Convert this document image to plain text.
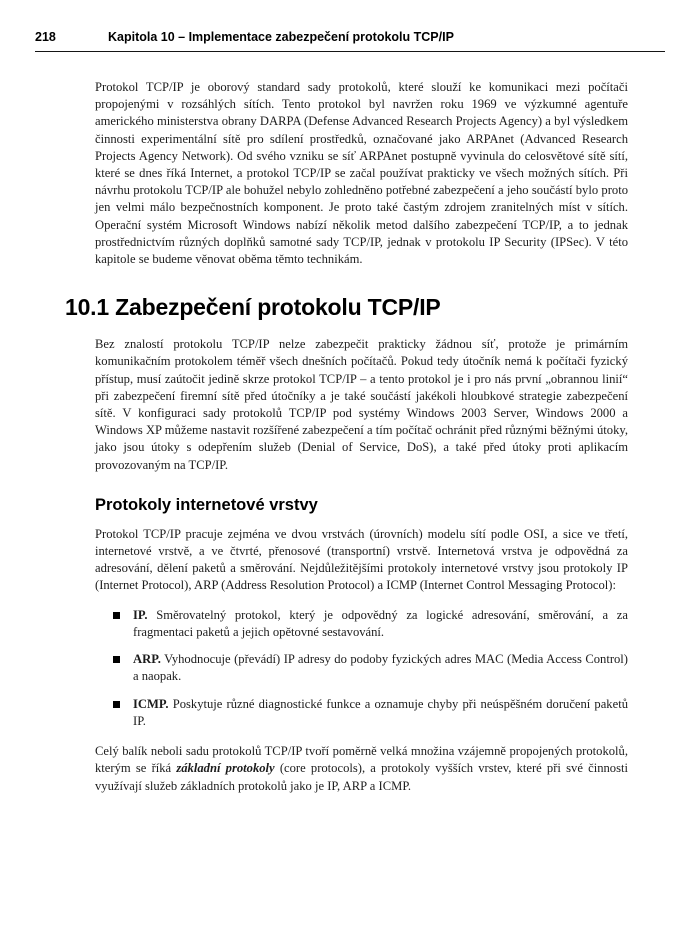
218	Kapitola 10 – Implementace zabezpečení protokolu TCP/IP

Protokol TCP/IP je oborový standard sady protokolů, které slouží ke komunikaci mezi počítači propojenými v rozsáhlých sítích. Tento protokol byl navržen roku 1969 ve výzkumné agentuře amerického ministerstva obrany DARPA (Defense Advanced Research Projects Agency) a byl výsledkem činnosti experimentální sítě pro sdílení prostředků, označované jako ARPAnet (Advanced Research Projects Agency Network). Od svého vzniku se síť ARPAnet postupně vyvinula do celosvětové sítě sítí, které se dnes říká Internet, a protokol TCP/IP se začal používat prakticky ve všech možných sítích. Při návrhu protokolu TCP/IP ale bohužel nebylo zohledněno potřebné zabezpečení a jeho součástí bylo proto jen velmi málo bezpečnostních komponent. Je proto také častým zdrojem zranitelných míst v sítích. Operační systém Microsoft Windows nabízí několik metod dalšího zabezpečení TCP/IP, a to jednak prostřednictvím různých doplňků samotné sady TCP/IP, jednak v protokolu IP Security (IPSec). V této kapitole se budeme věnovat oběma těmto technikám.

10.1 Zabezpečení protokolu TCP/IP

Bez znalostí protokolu TCP/IP nelze zabezpečit prakticky žádnou síť, protože je primárním komunikačním protokolem téměř všech dnešních počítačů. Pokud tedy útočník nemá k počítači fyzický přístup, musí zaútočit jedině skrze protokol TCP/IP – a tento protokol je i pro nás první „obrannou linií“ při zabezpečení firemní sítě před útočníky a je také součástí jakékoli hloubkové strategie zabezpečení sítě. V konfiguraci sady protokolů TCP/IP pod systémy Windows 2003 Server, Windows 2000 a Windows XP můžeme nastavit rozšířené zabezpečení a tím počítač ochránit před různými běžnými útoky, jako jsou útoky s odepřením služeb (Denial of Service, DoS), a také před útoky proti aplikacím provozovaným na TCP/IP.

Protokoly internetové vrstvy

Protokol TCP/IP pracuje zejména ve dvou vrstvách (úrovních) modelu sítí podle OSI, a sice ve třetí, internetové vrstvě, a ve čtvrté, přenosové (transportní) vrstvě. Internetová vrstva je odpovědná za adresování, dělení paketů a směrování. Nejdůležitějšími protokoly internetové vrstvy jsou protokoly IP (Internet Protocol), ARP (Address Resolution Protocol) a ICMP (Internet Control Messaging Protocol):

IP. Směrovatelný protokol, který je odpovědný za logické adresování, směrování, a za fragmentaci paketů a jejich opětovné sestavování.
ARP. Vyhodnocuje (převádí) IP adresy do podoby fyzických adres MAC (Media Access Control) a naopak.
ICMP. Poskytuje různé diagnostické funkce a oznamuje chyby při neúspěšném doručení paketů IP.

Celý balík neboli sadu protokolů TCP/IP tvoří poměrně velká množina vzájemně propojených protokolů, kterým se říká základní protokoly (core protocols), a protokoly vyšších vrstev, které při své činnosti využívají služeb základních protokolů jako je IP, ARP a ICMP.
